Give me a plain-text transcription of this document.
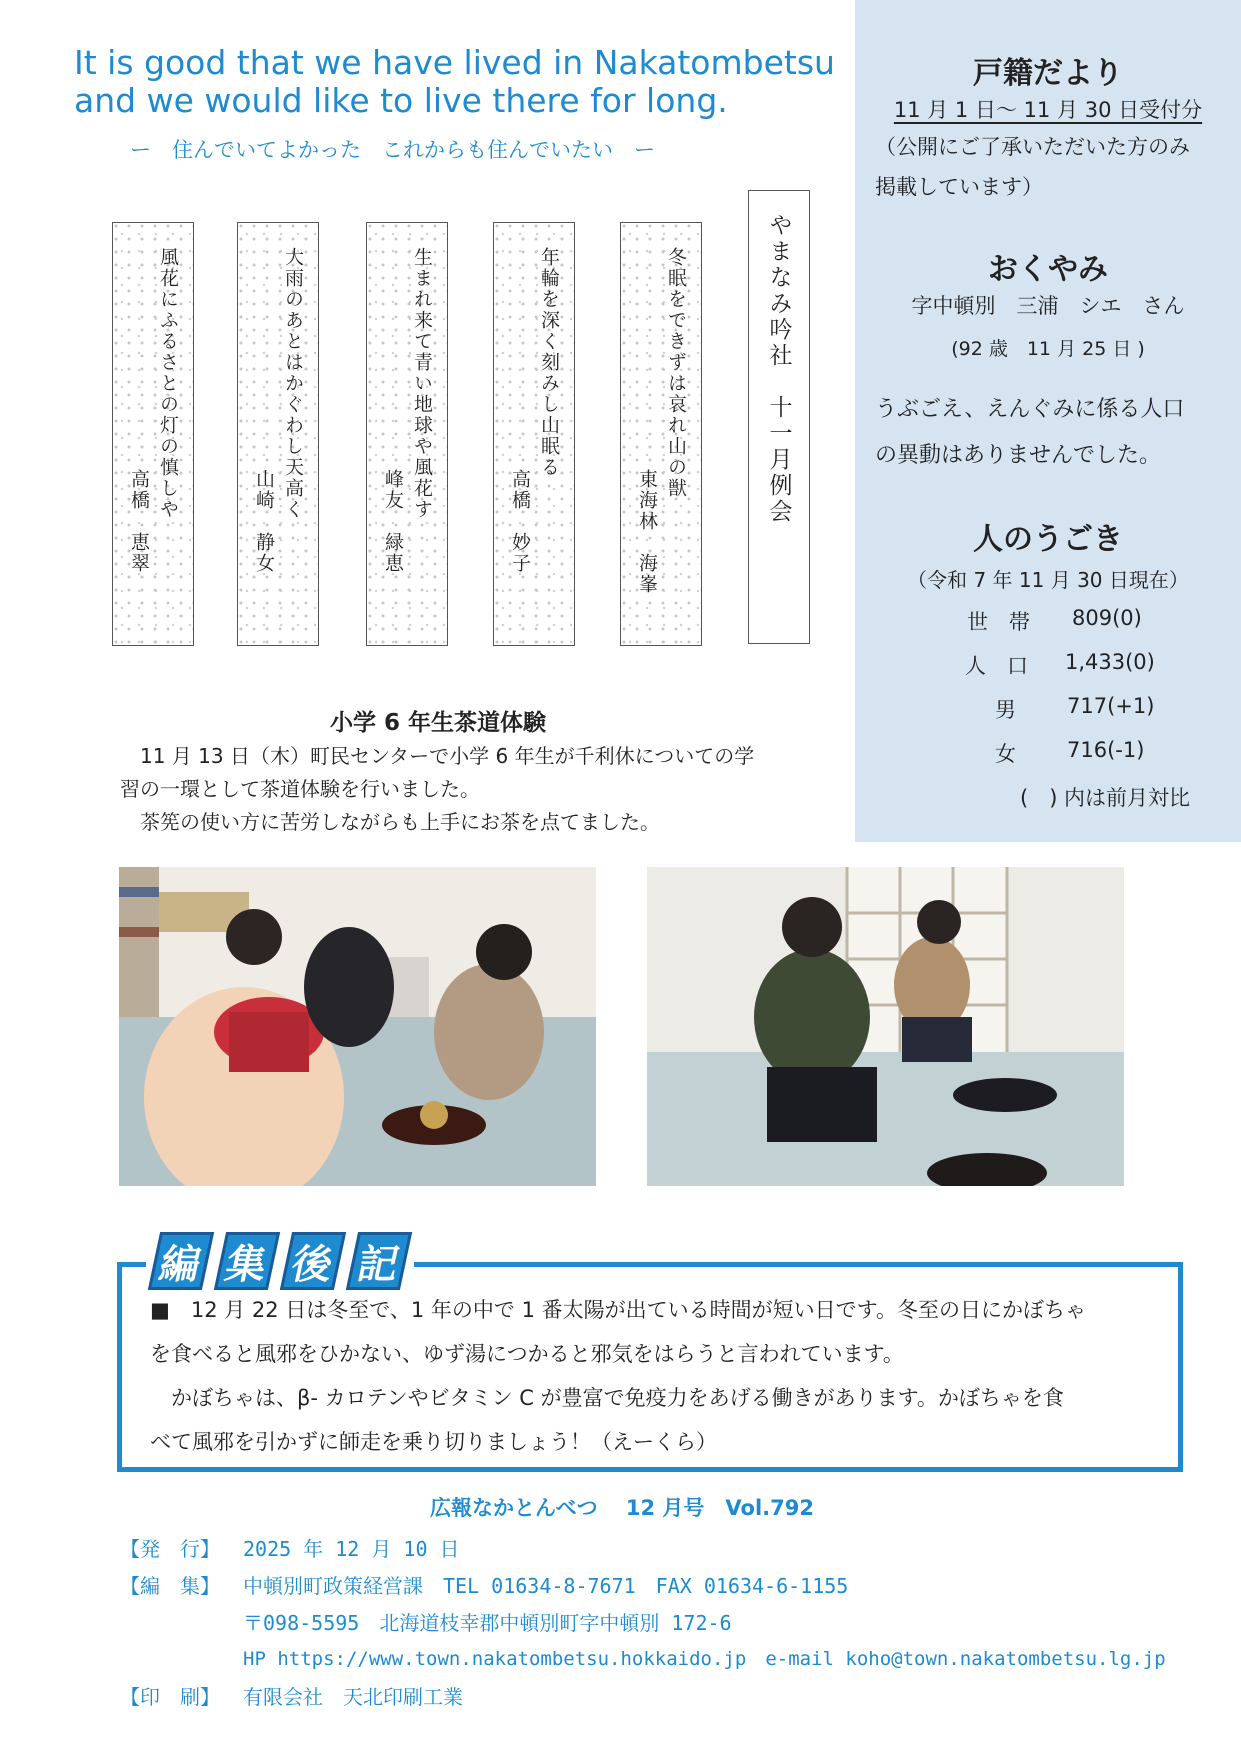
It is good that we have lived in Nakatombetsu
and we would like to live there for long.
ー　住んでいてよかった　これからも住んでいたい　ー
風花にふるさとの灯の慎しや
高橋　恵翠
大雨のあとはかぐわし天高く
山崎　静女
生まれ来て青い地球や風花す
峰友　緑恵
年輪を深く刻みし山眠る
高橋　妙子
冬眠をできずは哀れ山の獣
東海林　海峯
やまなみ吟社　十一月例会
戸籍だより
11 月 1 日～ 11 月 30 日受付分
（公開にご了承いただいた方のみ
掲載しています）
おくやみ
字中頓別　三浦　シエ　さん
(92 歳　11 月 25 日 )
うぶごえ、えんぐみに係る人口
の異動はありませんでした。
人のうごき
（令和 7 年 11 月 30 日現在）
世　帯	809(0)
人　口	1,433(0)
男	717(+1)
女	716(-1)
(　) 内は前月対比
小学 6 年生茶道体験

11 月 13 日（木）町民センターで小学 6 年生が千利休についての学

習の一環として茶道体験を行いました。

茶筅の使い方に苦労しながらも上手にお茶を点てました。

編 集 後 記
■　12 月 22 日は冬至で、1 年の中で 1 番太陽が出ている時間が短い日です。冬至の日にかぼちゃ
を食べると風邪をひかない、ゆず湯につかると邪気をはらうと言われています。
かぼちゃは、β- カロテンやビタミン C が豊富で免疫力をあげる働きがあります。かぼちゃを食
べて風邪を引かずに師走を乗り切りましょう！（えーくら）
広報なかとんべつ　 12 月号　Vol.792
【発　行】 2025 年 12 月 10 日
【編　集】 中頓別町政策経営課　TEL 01634-8-7671　FAX 01634-6-1155
〒098-5595　北海道枝幸郡中頓別町字中頓別 172-6
HP https://www.town.nakatombetsu.hokkaido.jp　e-mail koho@town.nakatombetsu.lg.jp
【印　刷】 有限会社　天北印刷工業
